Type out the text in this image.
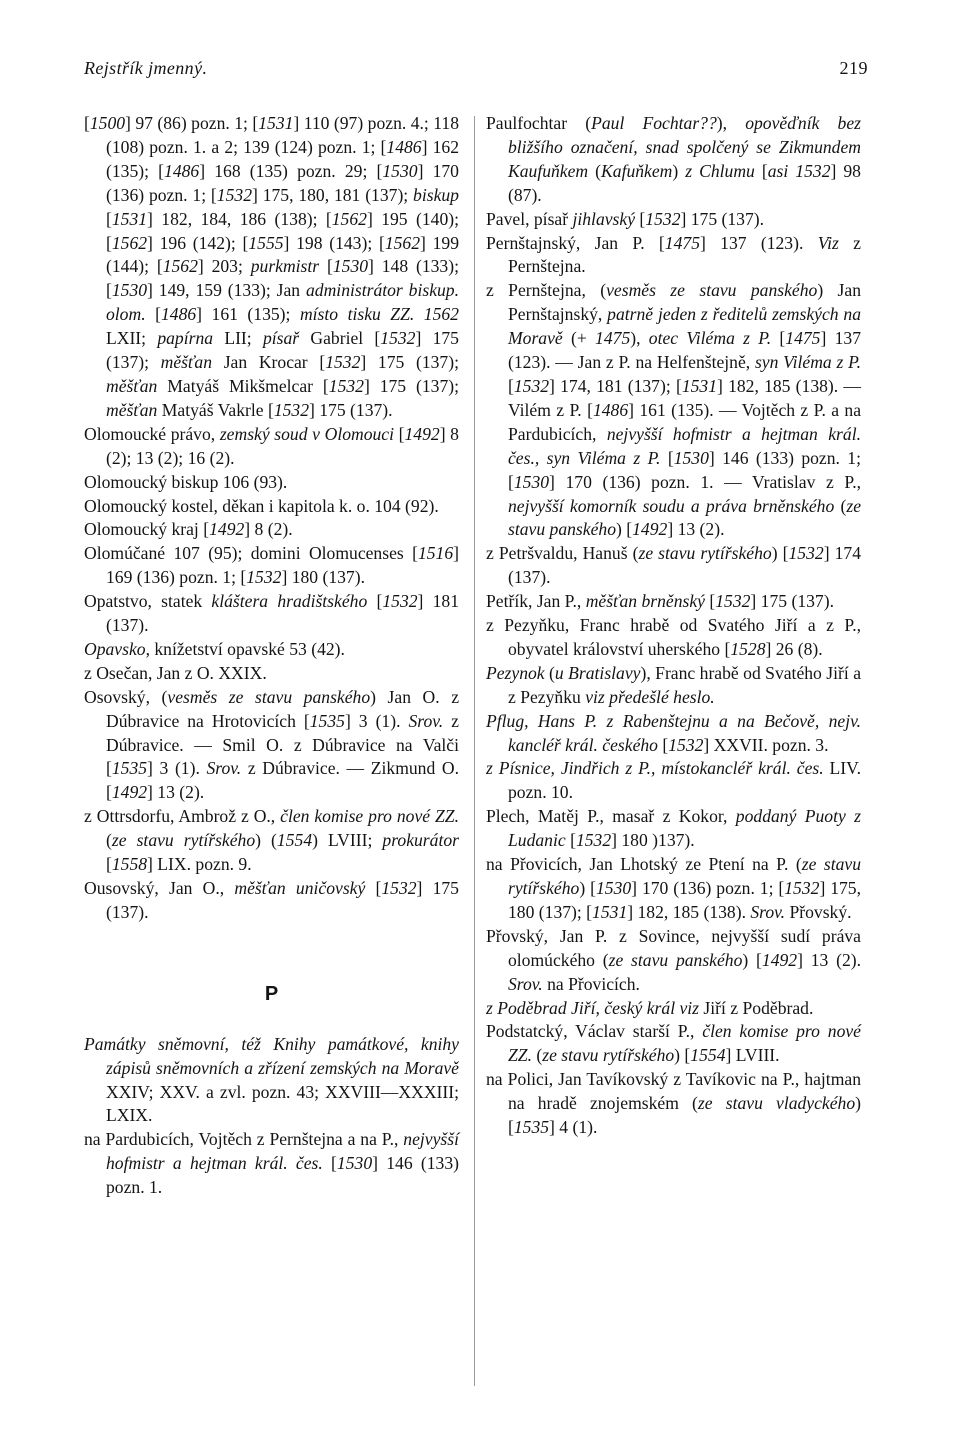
Rejstřík jmenný.	219

[1500] 97 (86) pozn. 1; [1531] 110 (97) pozn. 4.; 118 (108) pozn. 1. a 2; 139 (124) pozn. 1; [1486] 162 (135); [1486] 168 (135) pozn. 29; [1530] 170 (136) pozn. 1; [1532] 175, 180, 181 (137); biskup [1531] 182, 184, 186 (138); [1562] 195 (140); [1562] 196 (142); [1555] 198 (143); [1562] 199 (144); [1562] 203; purkmistr [1530] 148 (133); [1530] 149, 159 (133); Jan administrátor biskup. olom. [1486] 161 (135); místo tisku ZZ. 1562 LXII; papírna LII; písař Gabriel [1532] 175 (137); měšťan Jan Krocar [1532] 175 (137); měšťan Matyáš Mikšmelcar [1532] 175 (137); měšťan Matyáš Vakrle [1532] 175 (137).

Olomoucké právo, zemský soud v Olomouci [1492] 8 (2); 13 (2); 16 (2).

Olomoucký biskup 106 (93).

Olomoucký kostel, děkan i kapitola k. o. 104 (92).

Olomoucký kraj [1492] 8 (2).

Olomúčané 107 (95); domini Olomucenses [1516] 169 (136) pozn. 1; [1532] 180 (137).

Opatstvo, statek kláštera hradištského [1532] 181 (137).

Opavsko, knížetství opavské 53 (42).

z Osečan, Jan z O. XXIX.

Osovský, (vesměs ze stavu panského) Jan O. z Dúbravice na Hrotovicích [1535] 3 (1). Srov. z Dúbravice. — Smil O. z Dúbravice na Valči [1535] 3 (1). Srov. z Dúbravice. — Zikmund O. [1492] 13 (2).

z Ottrsdorfu, Ambrož z O., člen komise pro nové ZZ. (ze stavu rytířského) (1554) LVIII; prokurátor [1558] LIX. pozn. 9.

Ousovský, Jan O., měšťan uničovský [1532] 175 (137).

P

Památky sněmovní, též Knihy památkové, knihy zápisů sněmovních a zřízení zemských na Moravě XXIV; XXV. a zvl. pozn. 43; XXVIII—XXXIII; LXIX.

na Pardubicích, Vojtěch z Pernštejna a na P., nejvyšší hofmistr a hejtman král. čes. [1530] 146 (133) pozn. 1.

Paulfochtar (Paul Fochtar??), opověďník bez bližšího označení, snad spolčený se Zikmundem Kaufuňkem (Kafuňkem) z Chlumu [asi 1532] 98 (87).

Pavel, písař jihlavský [1532] 175 (137).

Pernštajnský, Jan P. [1475] 137 (123). Viz z Pernštejna.

z Pernštejna, (vesměs ze stavu panského) Jan Pernštajnský, patrně jeden z ředitelů zemských na Moravě (+ 1475), otec Viléma z P. [1475] 137 (123). — Jan z P. na Helfenštejně, syn Viléma z P. [1532] 174, 181 (137); [1531] 182, 185 (138). — Vilém z P. [1486] 161 (135). — Vojtěch z P. a na Pardubicích, nejvyšší hofmistr a hejtman král. čes., syn Viléma z P. [1530] 146 (133) pozn. 1; [1530] 170 (136) pozn. 1. — Vratislav z P., nejvyšší komorník soudu a práva brněnského (ze stavu panského) [1492] 13 (2).

z Petršvaldu, Hanuš (ze stavu rytířského) [1532] 174 (137).

Petřík, Jan P., měšťan brněnský [1532] 175 (137).

z Pezyňku, Franc hrabě od Svatého Jiří a z P., obyvatel království uherského [1528] 26 (8).

Pezynok (u Bratislavy), Franc hrabě od Svatého Jiří a z Pezyňku viz předešlé heslo.

Pflug, Hans P. z Rabenštejnu a na Bečově, nejv. kancléř král. českého [1532] XXVII. pozn. 3.

z Písnice, Jindřich z P., místokancléř král. čes. LIV. pozn. 10.

Plech, Matěj P., masař z Kokor, poddaný Puoty z Ludanic [1532] 180 )137).

na Přovicích, Jan Lhotský ze Ptení na P. (ze stavu rytířského) [1530] 170 (136) pozn. 1; [1532] 175, 180 (137); [1531] 182, 185 (138). Srov. Přovský.

Přovský, Jan P. z Sovince, nejvyšší sudí práva olomúckého (ze stavu panského) [1492] 13 (2). Srov. na Přovicích.

z Poděbrad Jiří, český král viz Jiří z Poděbrad.

Podstatcký, Václav starší P., člen komise pro nové ZZ. (ze stavu rytířského) [1554] LVIII.

na Polici, Jan Tavíkovský z Tavíkovic na P., hajtman na hradě znojemském (ze stavu vladyckého) [1535] 4 (1).
